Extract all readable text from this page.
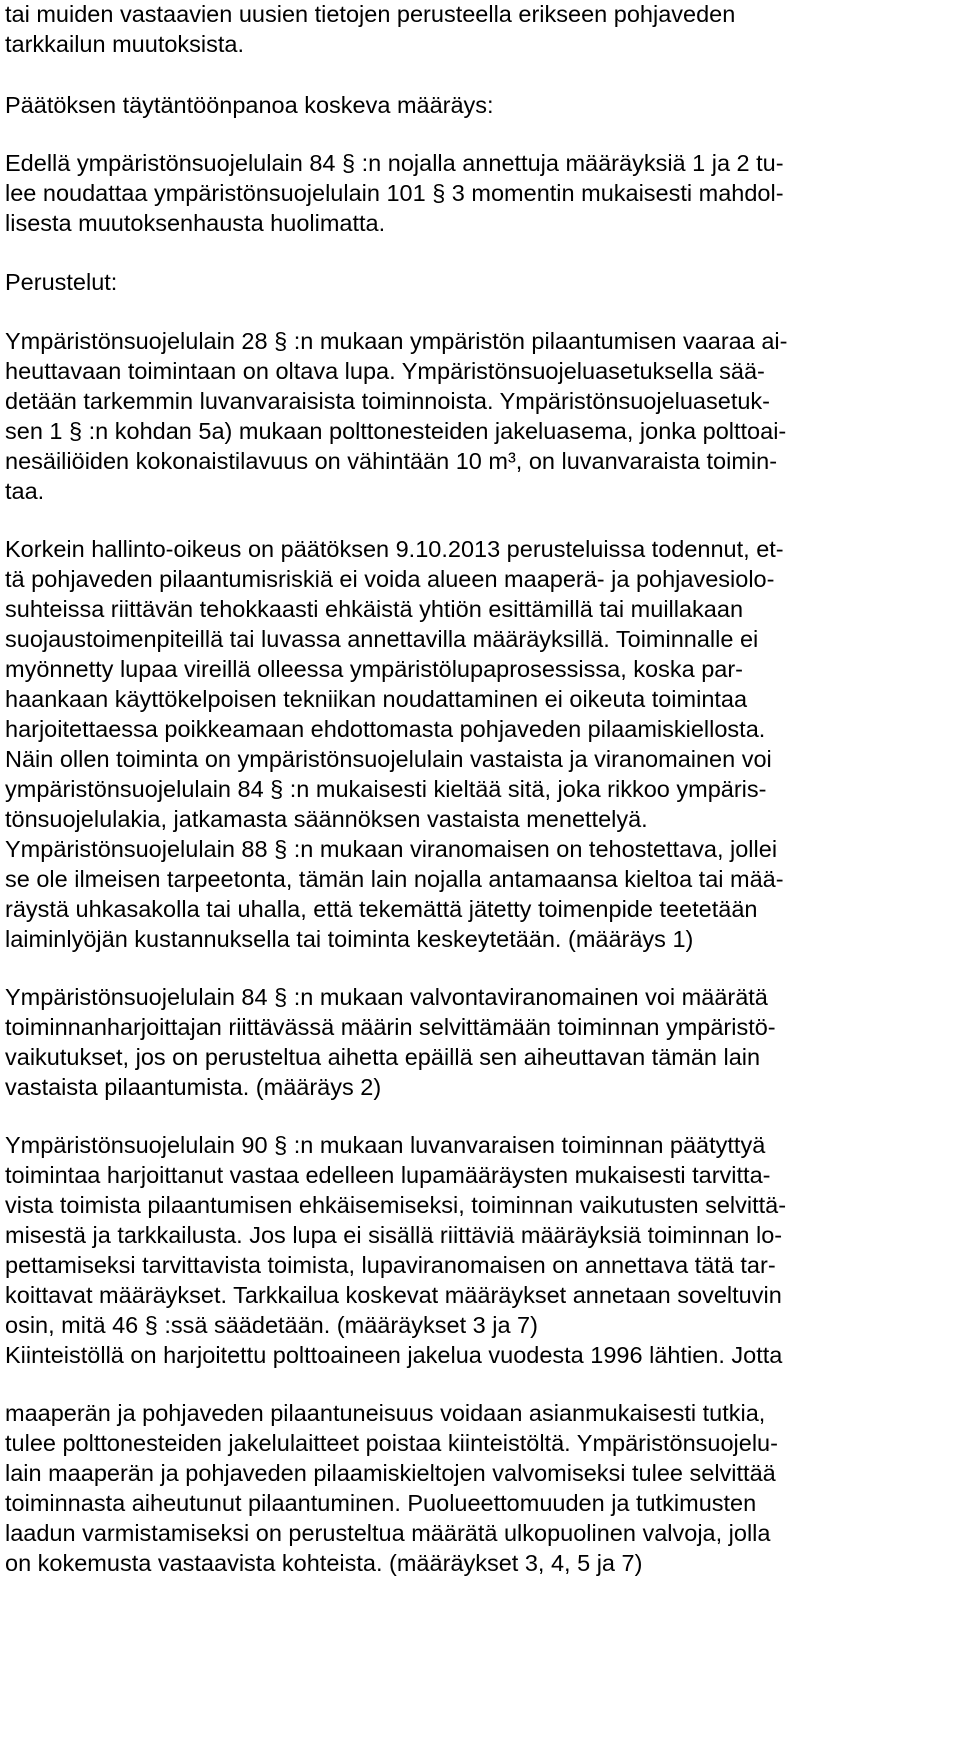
tai muiden vastaavien uusien tietojen perusteella erikseen pohjaveden

tarkkailun muutoksista.

Päätöksen täytäntöönpanoa koskeva määräys:

Edellä ympäristönsuojelulain 84 § :n nojalla annettuja määräyksiä 1 ja 2 tu-

lee noudattaa ympäristönsuojelulain 101 § 3 momentin mukaisesti mahdol-

lisesta muutoksenhausta huolimatta.

Perustelut:

Ympäristönsuojelulain 28 § :n mukaan ympäristön pilaantumisen vaaraa ai-

heuttavaan toimintaan on oltava lupa. Ympäristönsuojeluasetuksella sää-

detään tarkemmin luvanvaraisista toiminnoista. Ympäristönsuojeluasetuk-

sen 1 § :n kohdan 5a) mukaan polttonesteiden jakeluasema, jonka polttoai-

nesäiliöiden kokonaistilavuus on vähintään 10 m³, on luvanvaraista toimin-

taa.

Korkein hallinto-oikeus on päätöksen 9.10.2013 perusteluissa todennut, et-

tä pohjaveden pilaantumisriskiä ei voida alueen maaperä- ja pohjavesiolo-

suhteissa riittävän tehokkaasti ehkäistä yhtiön esittämillä tai muillakaan

suojaustoimenpiteillä tai luvassa annettavilla määräyksillä. Toiminnalle ei

myönnetty lupaa vireillä olleessa ympäristölupaprosessissa, koska par-

haankaan käyttökelpoisen tekniikan noudattaminen ei oikeuta toimintaa

harjoitettaessa poikkeamaan ehdottomasta pohjaveden pilaamiskiellosta.

Näin ollen toiminta on ympäristönsuojelulain vastaista ja viranomainen voi

ympäristönsuojelulain 84 § :n mukaisesti kieltää sitä, joka rikkoo ympäris-

tönsuojelulakia, jatkamasta säännöksen vastaista menettelyä.

Ympäristönsuojelulain 88 § :n mukaan viranomaisen on tehostettava, jollei

se ole ilmeisen tarpeetonta, tämän lain nojalla antamaansa kieltoa tai mää-

räystä uhkasakolla tai uhalla, että tekemättä jätetty toimenpide teetetään

laiminlyöjän kustannuksella tai toiminta keskeytetään. (määräys 1)

Ympäristönsuojelulain 84 § :n mukaan valvontaviranomainen voi määrätä

toiminnanharjoittajan riittävässä määrin selvittämään toiminnan ympäristö-

vaikutukset, jos on perusteltua aihetta epäillä sen aiheuttavan tämän lain

vastaista pilaantumista. (määräys 2)

Ympäristönsuojelulain 90 § :n mukaan luvanvaraisen toiminnan päätyttyä

toimintaa harjoittanut vastaa edelleen lupamääräysten mukaisesti tarvitta-

vista toimista pilaantumisen ehkäisemiseksi, toiminnan vaikutusten selvittä-

misestä ja tarkkailusta. Jos lupa ei sisällä riittäviä määräyksiä toiminnan lo-

pettamiseksi tarvittavista toimista, lupaviranomaisen on annettava tätä tar-

koittavat määräykset. Tarkkailua koskevat määräykset annetaan soveltuvin

osin, mitä 46 § :ssä säädetään. (määräykset 3 ja 7)

Kiinteistöllä on harjoitettu polttoaineen jakelua vuodesta 1996 lähtien. Jotta

maaperän ja pohjaveden pilaantuneisuus voidaan asianmukaisesti tutkia,

tulee polttonesteiden jakelulaitteet poistaa kiinteistöltä. Ympäristönsuojelu-

lain maaperän ja pohjaveden pilaamiskieltojen valvomiseksi tulee selvittää

toiminnasta aiheutunut pilaantuminen. Puolueettomuuden ja tutkimusten

laadun varmistamiseksi on perusteltua määrätä ulkopuolinen valvoja, jolla

on kokemusta vastaavista kohteista. (määräykset 3, 4, 5 ja 7)
